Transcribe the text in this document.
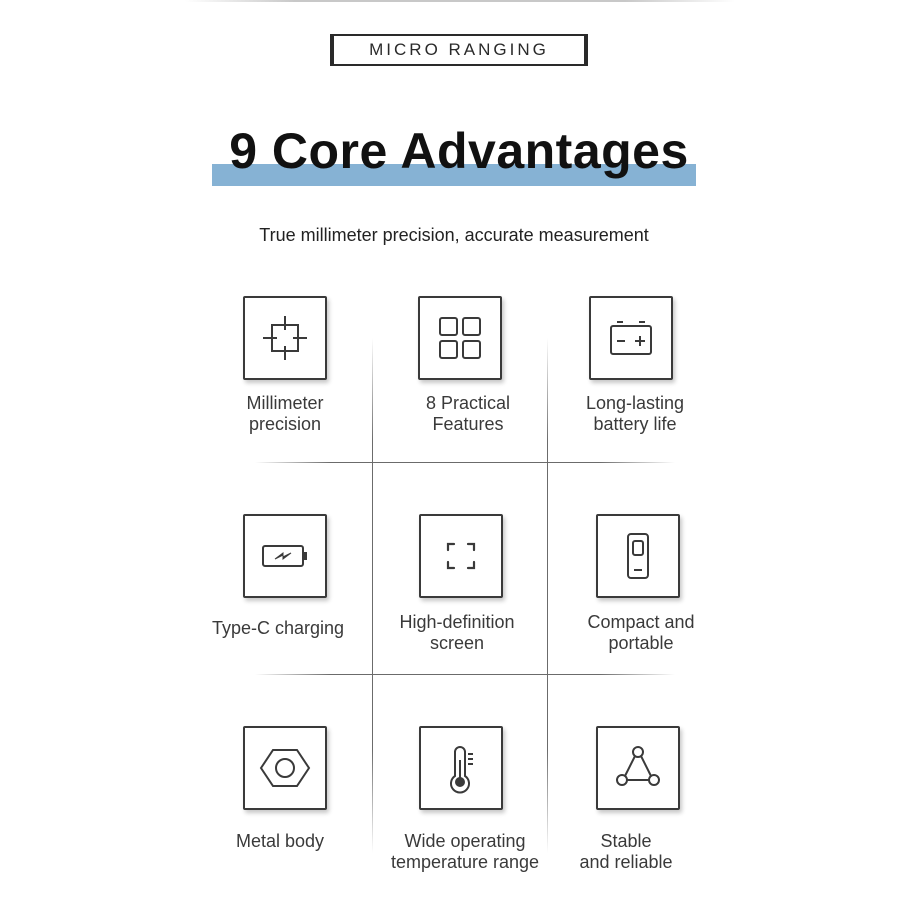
MICRO RANGING
9 Core Advantages
True millimeter precision, accurate measurement
Millimeter
precision
8 Practical
Features
Long-lasting
battery life
Type-C charging	High-definition
screen
Compact and
portable
Metal body	Wide operating
temperature range
Stable
and reliable
